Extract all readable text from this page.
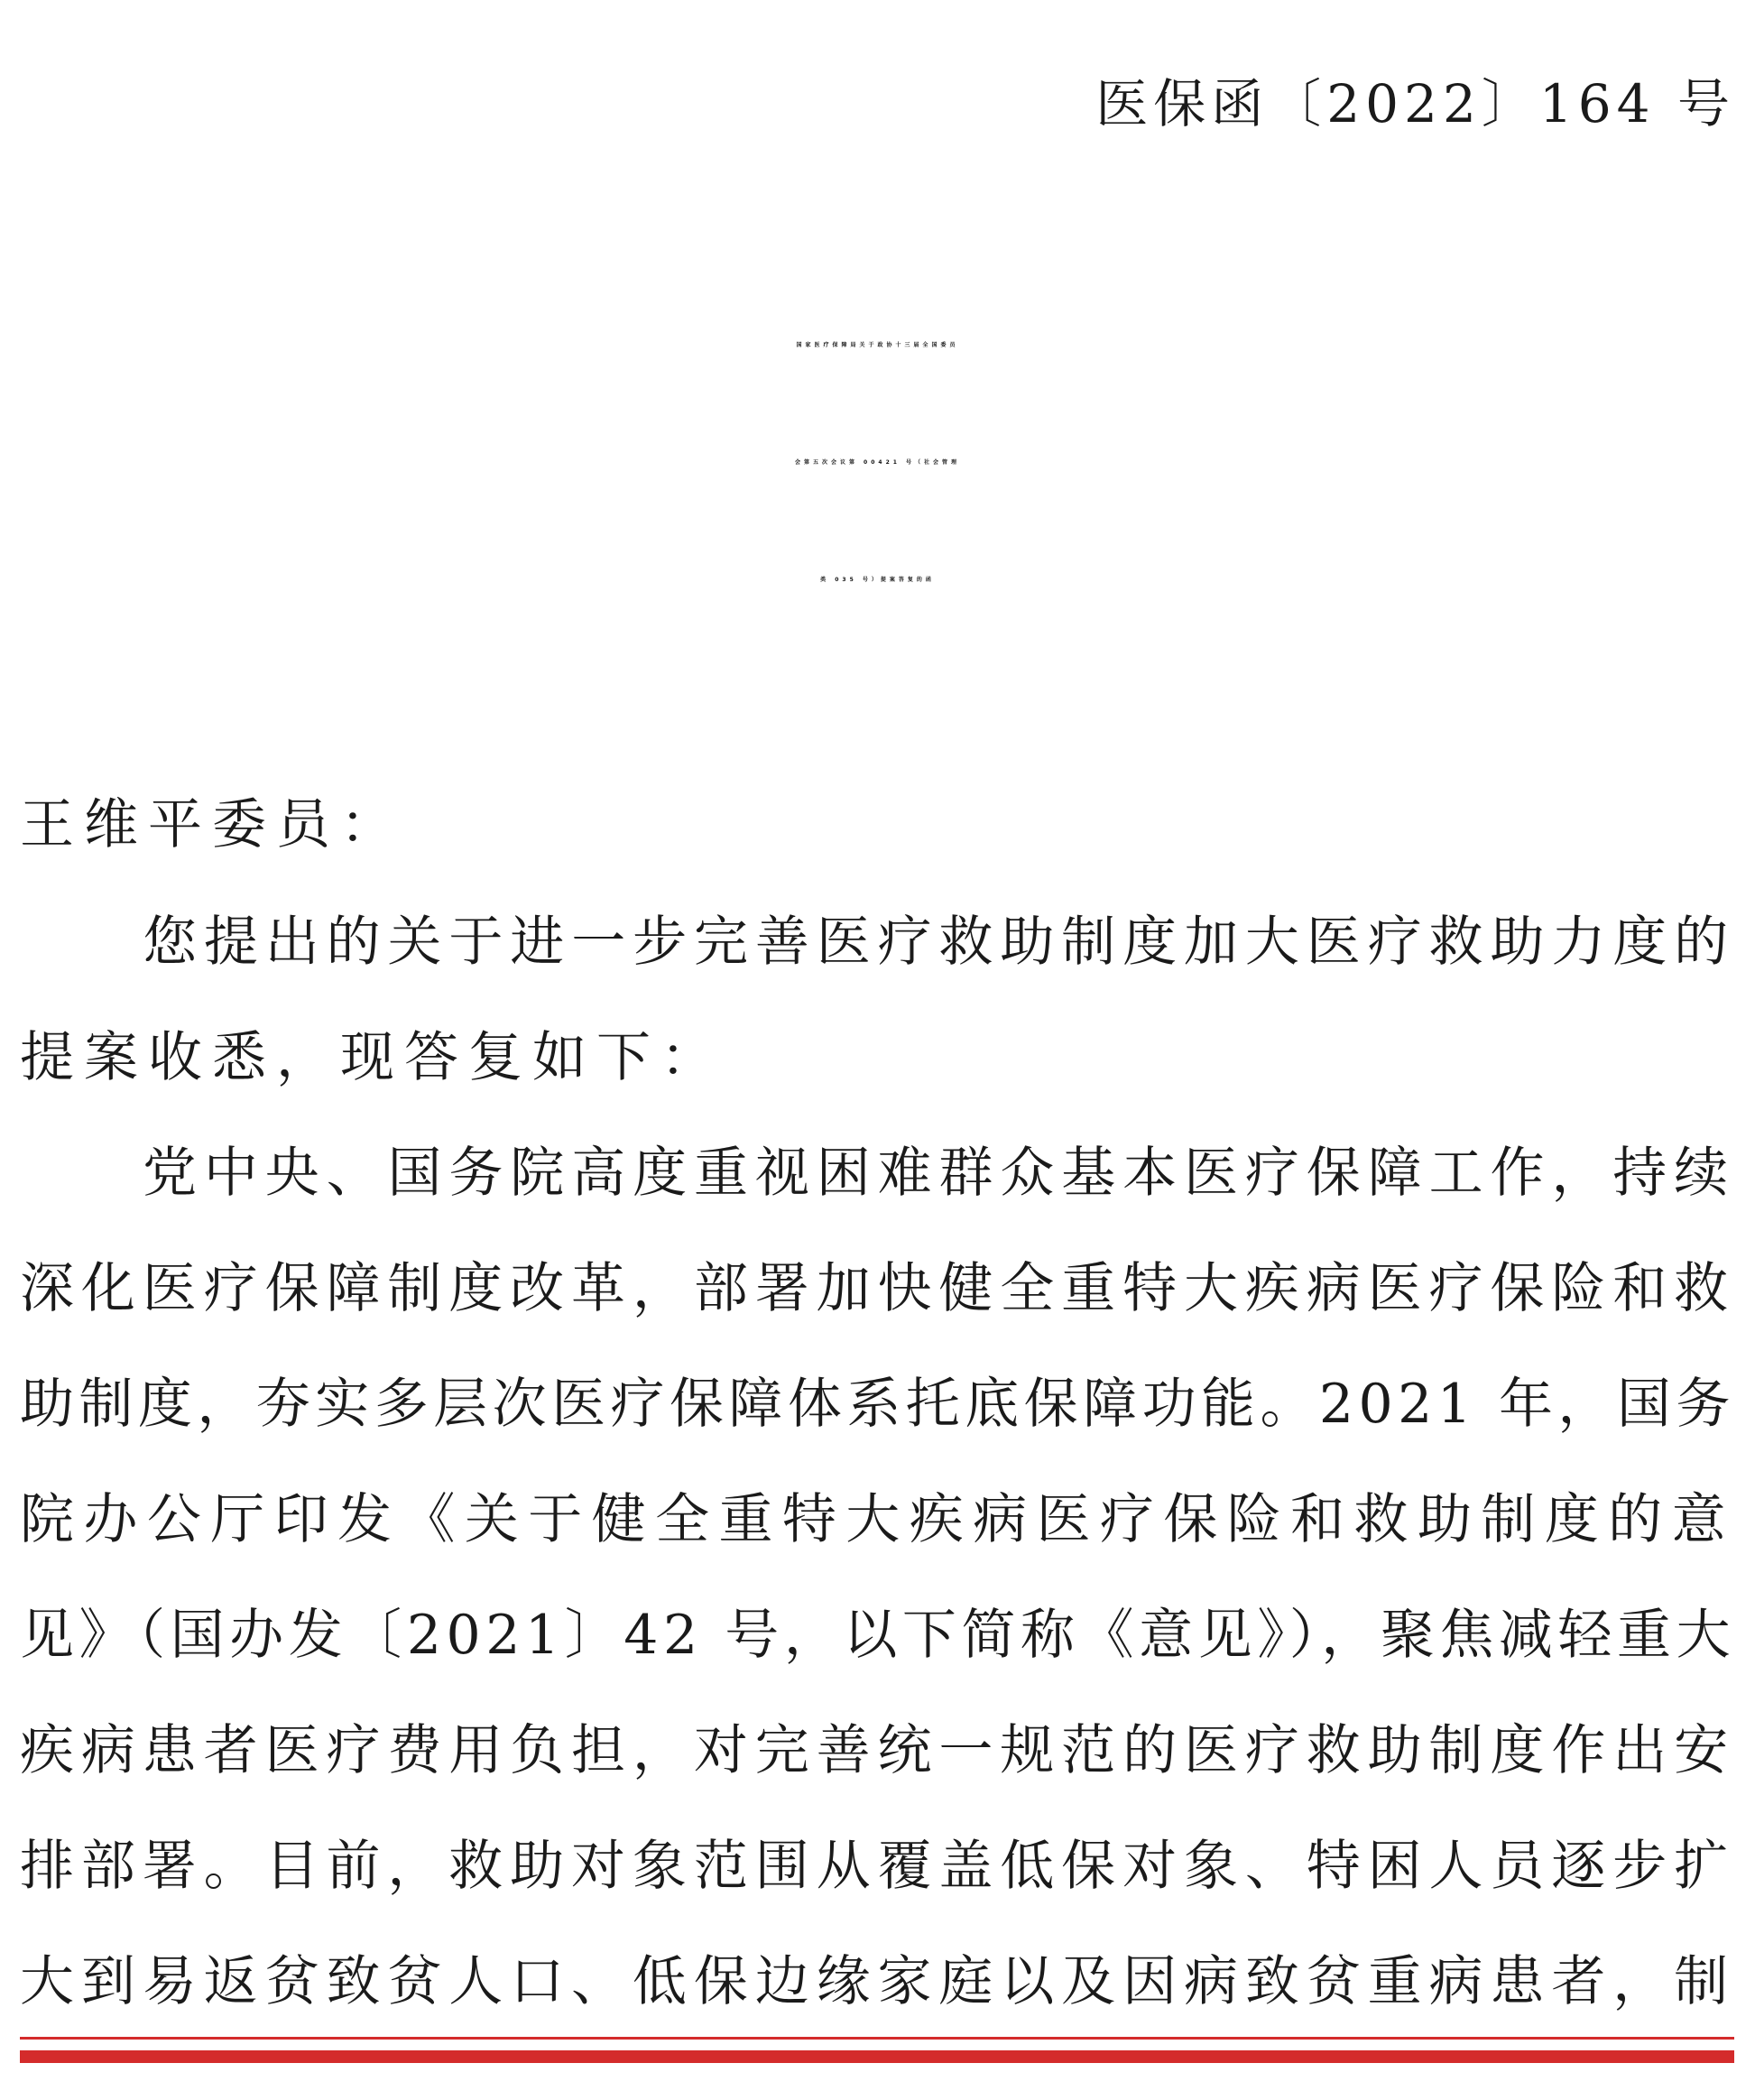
医保函〔2022〕164 号
国家医疗保障局关于政协十三届全国委员
会第五次会议第 00421 号（社会管理
类 035 号）提案答复的函
王维平委员：
您提出的关于进一步完善医疗救助制度加大医疗救助力度的
提案收悉，现答复如下：
党中央、国务院高度重视困难群众基本医疗保障工作，持续
深化医疗保障制度改革，部署加快健全重特大疾病医疗保险和救
助制度，夯实多层次医疗保障体系托底保障功能。2021 年，国务
院办公厅印发《关于健全重特大疾病医疗保险和救助制度的意
见》（国办发〔2021〕42 号，以下简称《意见》），聚焦减轻重大
疾病患者医疗费用负担，对完善统一规范的医疗救助制度作出安
排部署。目前，救助对象范围从覆盖低保对象、特困人员逐步扩
大到易返贫致贫人口、低保边缘家庭以及因病致贫重病患者，制
